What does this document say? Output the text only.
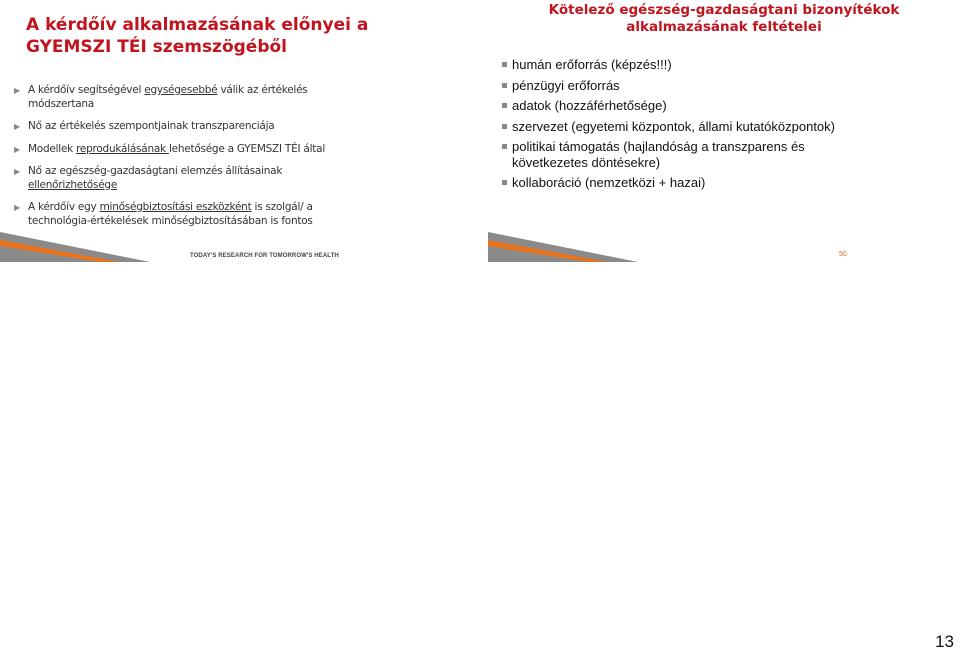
A kérdőív alkalmazásának előnyei a
GYEMSZI TÉI szemszögéből
▶ A kérdőív segítségével egységesebbé válik az értékelés módszertana
▶ Nő az értékelés szempontjainak transzparenciája
▶ Modellek reprodukálásának lehetősége a GYEMSZI TÉI által
▶ Nő az egészség-gazdaságtani elemzés állításainak ellenőrizhetősége
▶ A kérdőív egy minőségbiztosítási eszközként is szolgál/ a technológia-értékelések minőségbiztosításában is fontos
TODAY'S RESEARCH FOR TOMORROW'S HEALTH
Kötelező egészség-gazdaságtani bizonyítékok
alkalmazásának feltételei
humán erőforrás (képzés!!!)
pénzügyi erőforrás
adatok (hozzáférhetősége)
szervezet (egyetemi központok, állami kutatóközpontok)
politikai támogatás (hajlandóság a transzparens és következetes döntésekre)
kollaboráció (nemzetközi + hazai)
50
13
